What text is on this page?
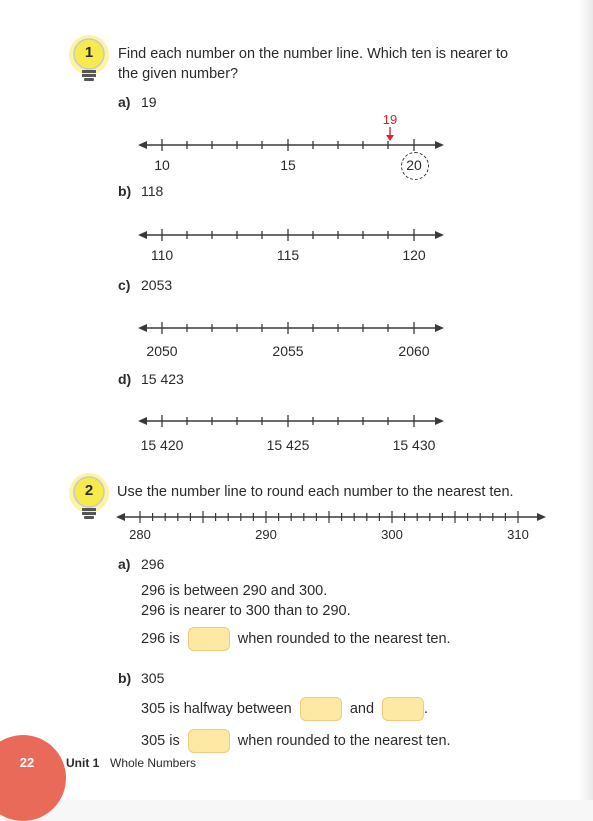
1 Find each number on the number line. Which ten is nearer to
the given number?
a) 19
19
10	15	20
b) 118
110	115	120
c) 2053
2050	2055	2060
d) 15 423
15 420	15 425	15 430
2 Use the number line to round each number to the nearest ten.
280	290	300	310
a) 296
296 is between 290 and 300.
296 is nearer to 300 than to 290.
296 is	when rounded to the nearest ten.
b) 305
305 is halfway between	and	.
305 is	when rounded to the nearest ten.
22	Unit 1 Whole Numbers
